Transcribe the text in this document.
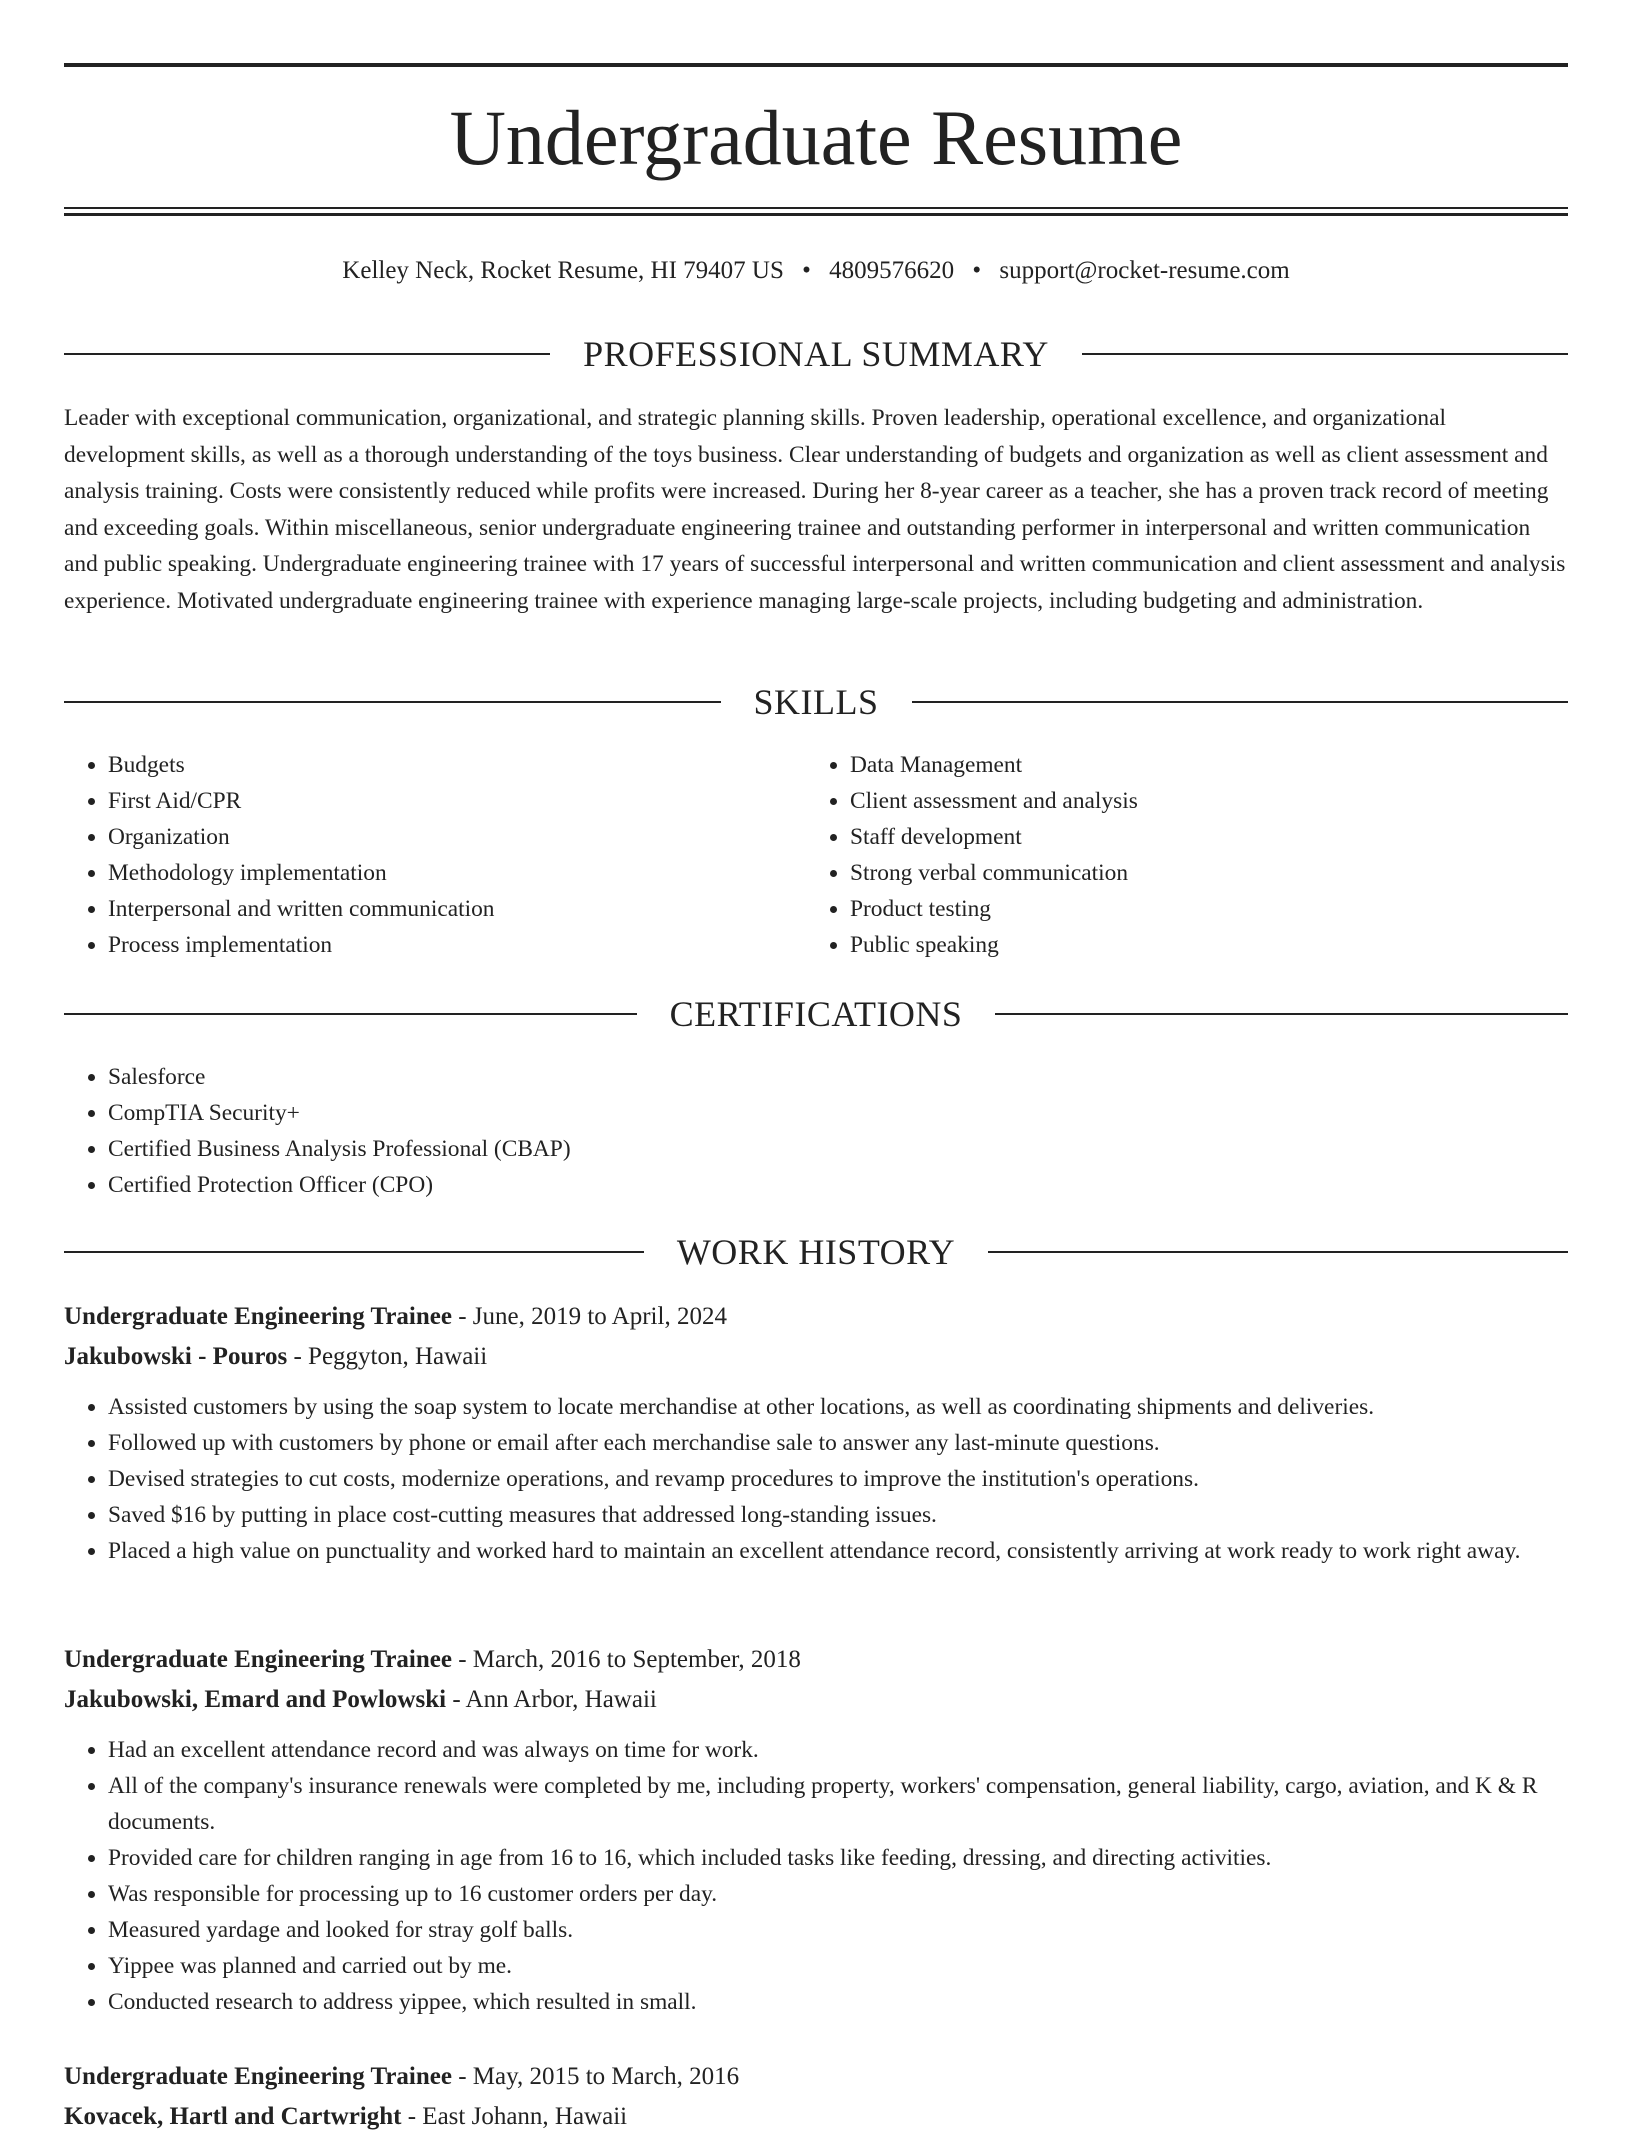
Undergraduate Resume
Kelley Neck, Rocket Resume, HI 79407 US • 4809576620 • support@rocket-resume.com
PROFESSIONAL SUMMARY
Leader with exceptional communication, organizational, and strategic planning skills. Proven leadership, operational excellence, and organizational development skills, as well as a thorough understanding of the toys business. Clear understanding of budgets and organization as well as client assessment and analysis training. Costs were consistently reduced while profits were increased. During her 8-year career as a teacher, she has a proven track record of meeting and exceeding goals. Within miscellaneous, senior undergraduate engineering trainee and outstanding performer in interpersonal and written communication and public speaking. Undergraduate engineering trainee with 17 years of successful interpersonal and written communication and client assessment and analysis experience. Motivated undergraduate engineering trainee with experience managing large-scale projects, including budgeting and administration.
SKILLS
• Budgets
• First Aid/CPR
• Organization
• Methodology implementation
• Interpersonal and written communication
• Process implementation
• Data Management
• Client assessment and analysis
• Staff development
• Strong verbal communication
• Product testing
• Public speaking
CERTIFICATIONS
• Salesforce
• CompTIA Security+
• Certified Business Analysis Professional (CBAP)
• Certified Protection Officer (CPO)
WORK HISTORY
Undergraduate Engineering Trainee - June, 2019 to April, 2024
Jakubowski - Pouros - Peggyton, Hawaii
• Assisted customers by using the soap system to locate merchandise at other locations, as well as coordinating shipments and deliveries.
• Followed up with customers by phone or email after each merchandise sale to answer any last-minute questions.
• Devised strategies to cut costs, modernize operations, and revamp procedures to improve the institution's operations.
• Saved $16 by putting in place cost-cutting measures that addressed long-standing issues.
• Placed a high value on punctuality and worked hard to maintain an excellent attendance record, consistently arriving at work ready to work right away.
Undergraduate Engineering Trainee - March, 2016 to September, 2018
Jakubowski, Emard and Powlowski - Ann Arbor, Hawaii
• Had an excellent attendance record and was always on time for work.
• All of the company's insurance renewals were completed by me, including property, workers' compensation, general liability, cargo, aviation, and K & R documents.
• Provided care for children ranging in age from 16 to 16, which included tasks like feeding, dressing, and directing activities.
• Was responsible for processing up to 16 customer orders per day.
• Measured yardage and looked for stray golf balls.
• Yippee was planned and carried out by me.
• Conducted research to address yippee, which resulted in small.
Undergraduate Engineering Trainee - May, 2015 to March, 2016
Kovacek, Hartl and Cartwright - East Johann, Hawaii
